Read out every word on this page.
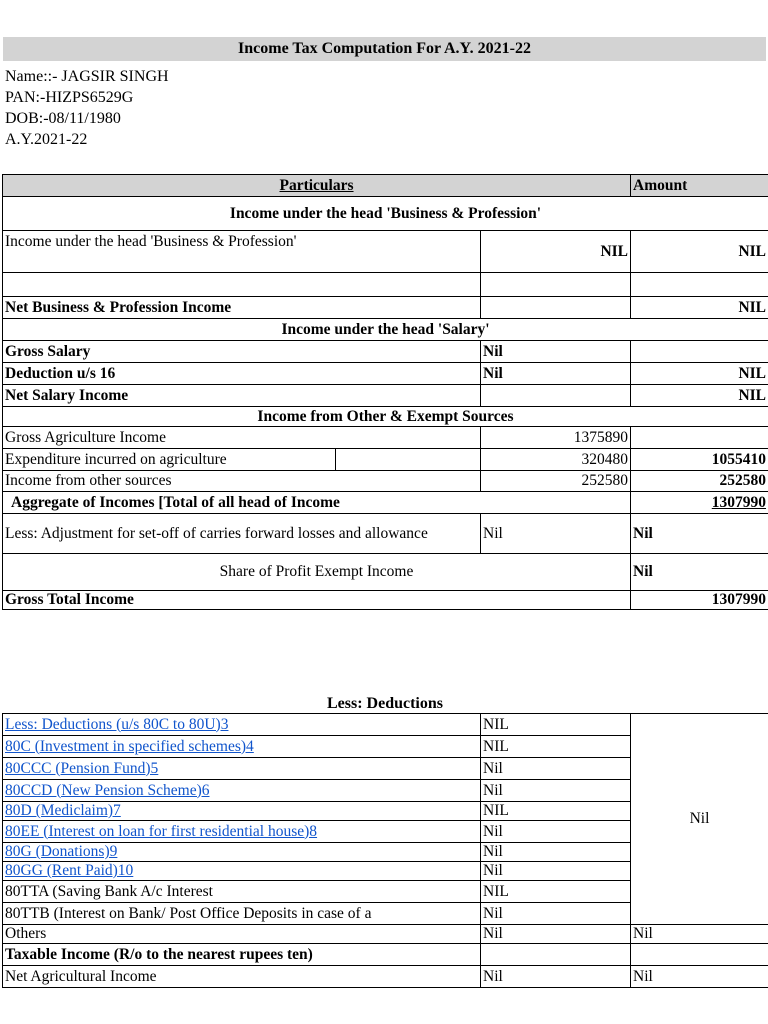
Income Tax Computation For A.Y. 2021-22
Name::- JAGSIR SINGH
PAN:-HIZPS6529G
DOB:-08/11/1980
A.Y.2021-22
Particulars			Amount
Income under the head 'Business & Profession'			
Income under the head 'Business & Profession'		NIL	NIL

Net Business & Profession Income			NIL
Income under the head 'Salary'			
Gross Salary		Nil	
Deduction u/s 16		Nil	NIL
Net Salary Income			NIL
Income from Other & Exempt Sources			
Gross Agriculture Income		1375890	
Expenditure incurred on agriculture		320480	1055410
Income from other sources		252580	252580
Aggregate of Incomes [Total of all head of Income			1307990
Less: Adjustment for set-off of carries forward losses and allowance		Nil	Nil
Share of Profit Exempt Income			Nil
Gross Total Income			1307990
Less: Deductions
Less: Deductions (u/s 80C to 80U)3	NIL	Nil
80C (Investment in specified schemes)4	NIL	
80CCC (Pension Fund)5	Nil	
80CCD (New Pension Scheme)6	Nil	
80D (Mediclaim)7	NIL	
80EE (Interest on loan for first residential house)8	Nil	
80G (Donations)9	Nil	
80GG (Rent Paid)10	Nil	
80TTA (Saving Bank A/c Interest	NIL	
80TTB (Interest on Bank/ Post Office Deposits in case of a	Nil	
Others	Nil	Nil
Taxable Income (R/o to the nearest rupees ten)		
Net Agricultural Income	Nil	Nil
